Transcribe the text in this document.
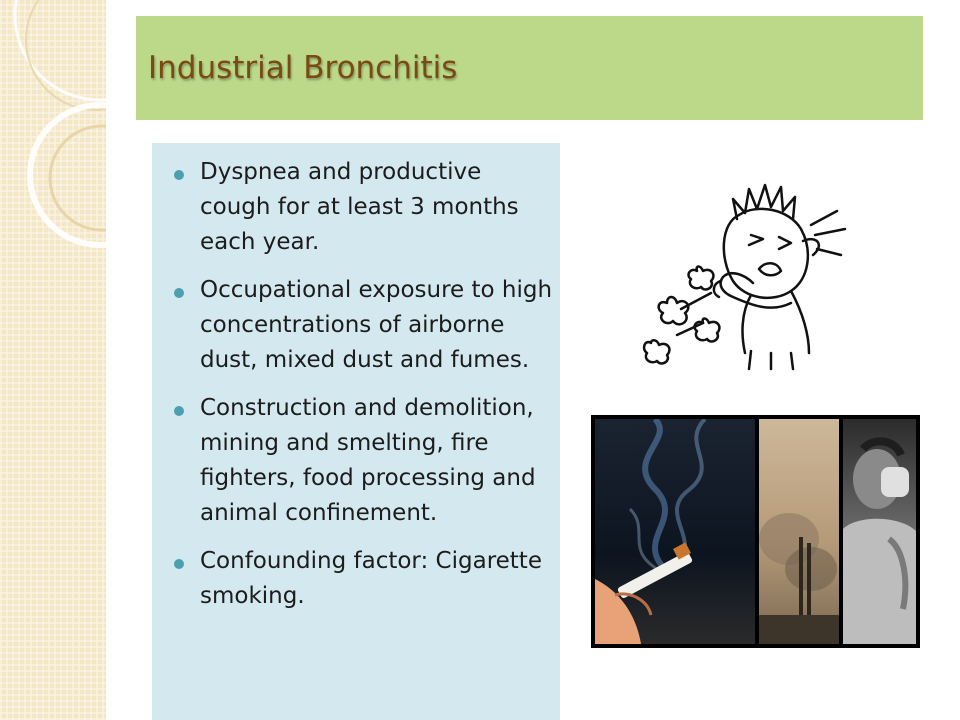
Industrial Bronchitis
Dyspnea and productive cough for at least 3 months each year.
Occupational exposure to high concentrations of airborne dust, mixed dust and fumes.
Construction and demolition, mining and smelting, fire fighters, food processing and animal confinement.
Confounding factor: Cigarette smoking.
